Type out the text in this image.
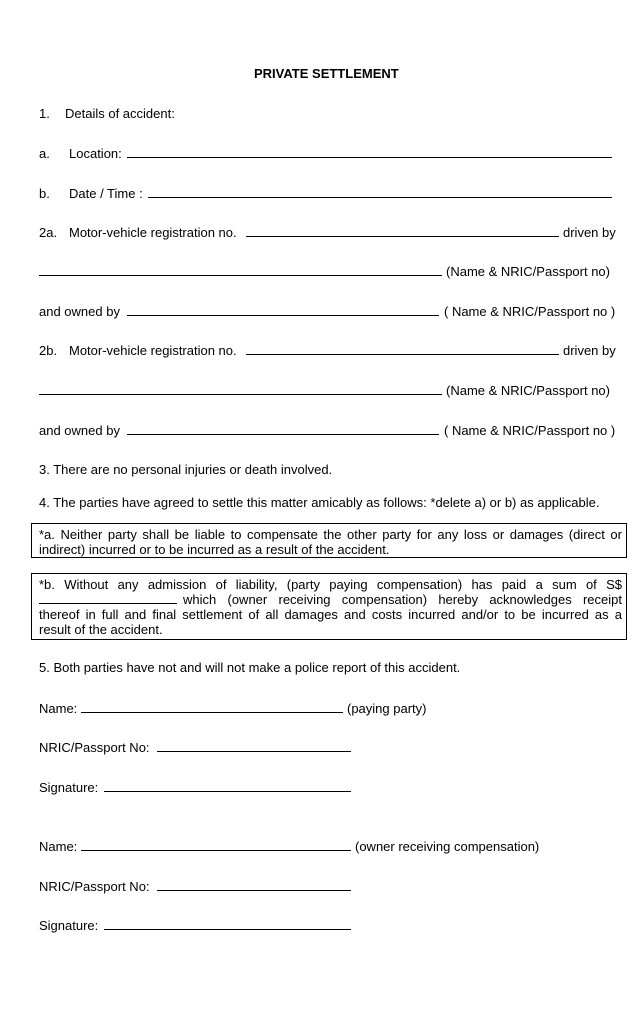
PRIVATE SETTLEMENT
1. Details of accident:
a. Location:
b. Date / Time :
2a. Motor-vehicle registration no.	driven by
(Name & NRIC/Passport no)
and owned by	( Name & NRIC/Passport no )
2b. Motor-vehicle registration no.	driven by
(Name & NRIC/Passport no)
and owned by	( Name & NRIC/Passport no )
3. There are no personal injuries or death involved.
4. The parties have agreed to settle this matter amicably as follows: *delete a) or b) as applicable.
*a. Neither party shall be liable to compensate the other party for any loss or damages (direct or
indirect) incurred or to be incurred as a result of the accident.
*b. Without any admission of liability, (party paying compensation) has paid a sum of S$
which (owner receiving compensation) hereby acknowledges receipt
thereof in full and final settlement of all damages and costs incurred and/or to be incurred as a
result of the accident.
5. Both parties have not and will not make a police report of this accident.
Name:	(paying party)
NRIC/Passport No:
Signature:
Name:	(owner receiving compensation)
NRIC/Passport No:
Signature:
